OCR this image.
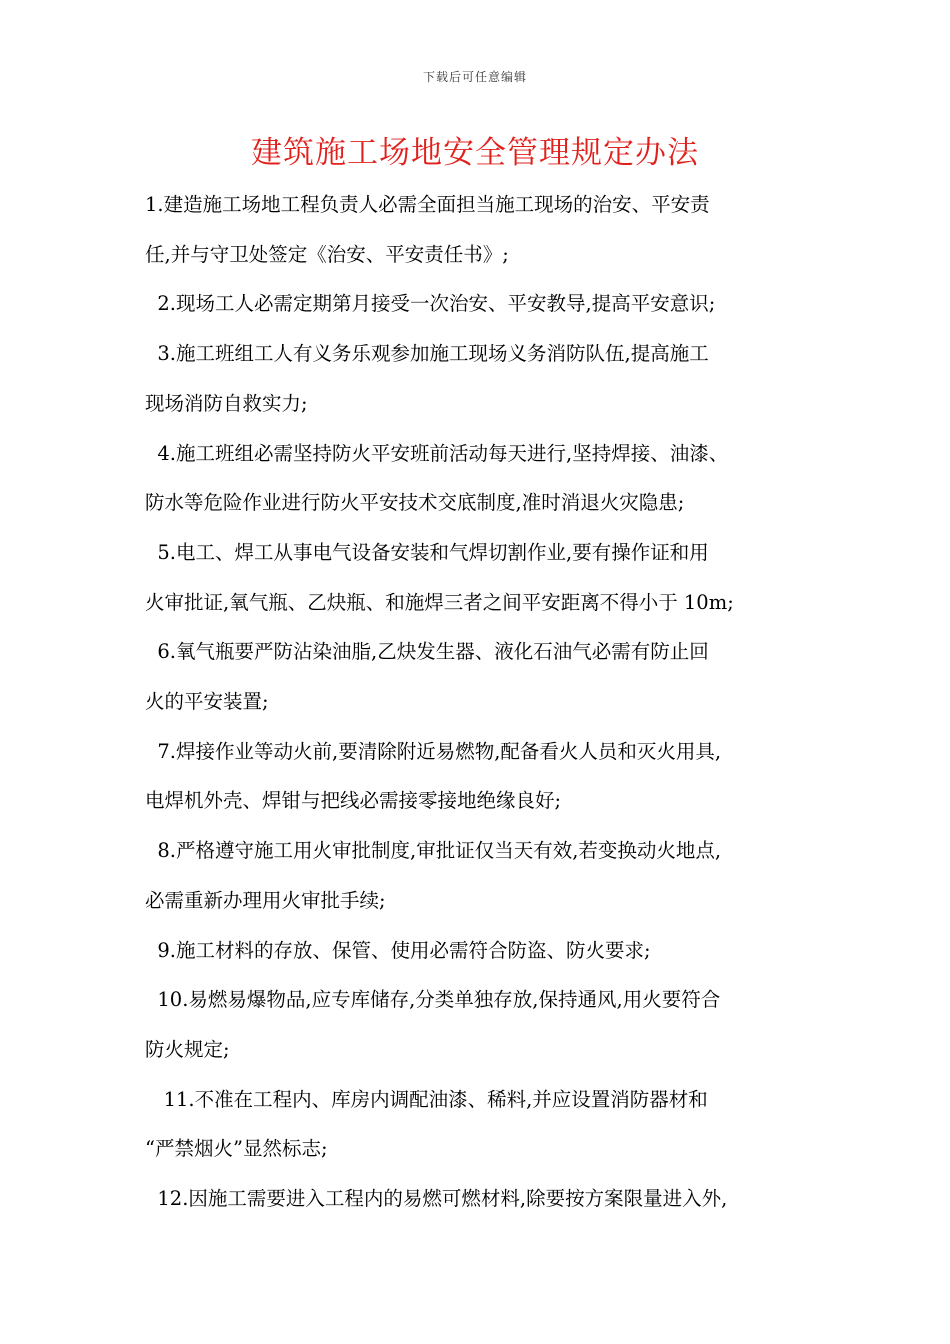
下载后可任意编辑
建筑施工场地安全管理规定办法

1.建造施工场地工程负责人必需全面担当施工现场的治安、平安责
任,并与守卫处签定《治安、平安责任书》;

2.现场工人必需定期第月接受一次治安、平安教导,提高平安意识;

3.施工班组工人有义务乐观参加施工现场义务消防队伍,提高施工
现场消防自救实力;

4.施工班组必需坚持防火平安班前活动每天进行,坚持焊接、油漆、
防水等危险作业进行防火平安技术交底制度,准时消退火灾隐患;

5.电工、焊工从事电气设备安装和气焊切割作业,要有操作证和用
火审批证,氧气瓶、乙炔瓶、和施焊三者之间平安距离不得小于 10m;

6.氧气瓶要严防沾染油脂,乙炔发生器、液化石油气必需有防止回
火的平安装置;

7.焊接作业等动火前,要清除附近易燃物,配备看火人员和灭火用具,
电焊机外壳、焊钳与把线必需接零接地绝缘良好;

8.严格遵守施工用火审批制度,审批证仅当天有效,若变换动火地点,
必需重新办理用火审批手续;

9.施工材料的存放、保管、使用必需符合防盗、防火要求;

10.易燃易爆物品,应专库储存,分类单独存放,保持通风,用火要符合
防火规定;

11.不准在工程内、库房内调配油漆、稀料,并应设置消防器材和
“严禁烟火”显然标志;

12.因施工需要进入工程内的易燃可燃材料,除要按方案限量进入外,
